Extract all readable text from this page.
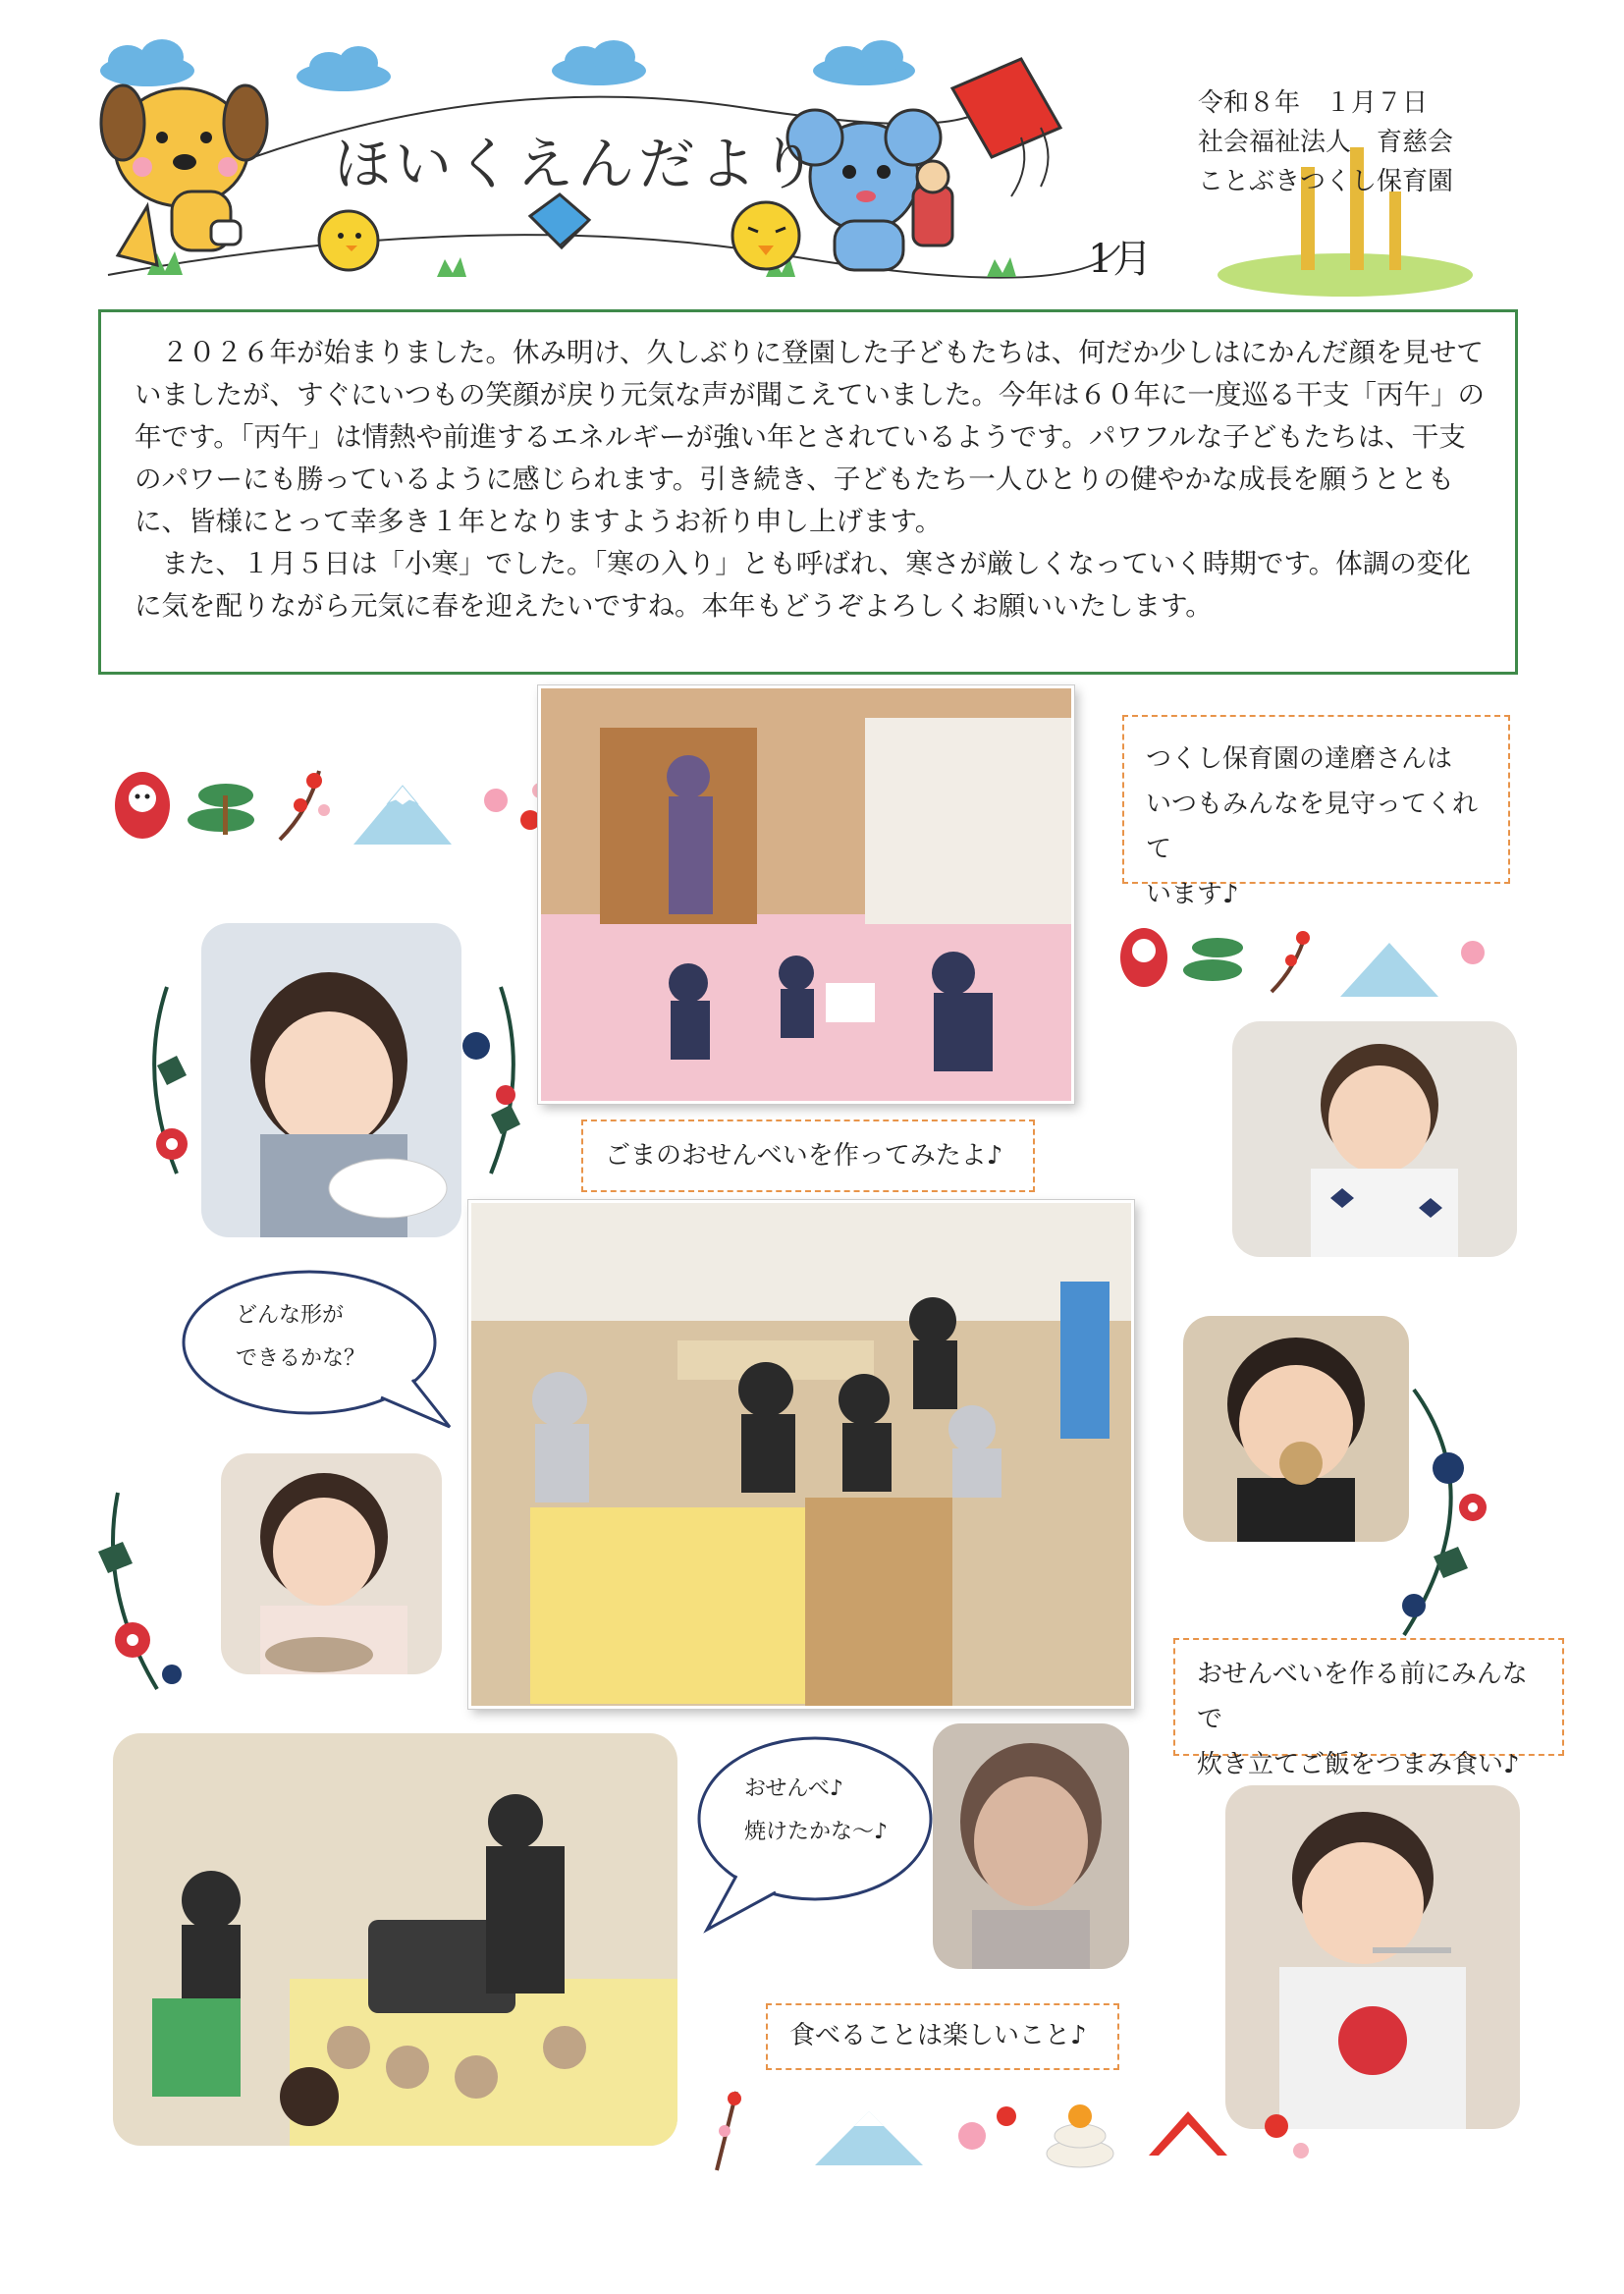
ほいくえんだより
1月
令和８年　１月７日
社会福祉法人　育慈会
ことぶきつくし保育園

　２０２６年が始まりました。休み明け、久しぶりに登園した子どもたちは、何だか少しはにかんだ顔を見せていましたが、すぐにいつもの笑顔が戻り元気な声が聞こえていました。今年は６０年に一度巡る干支「丙午」の年です。「丙午」は情熱や前進するエネルギーが強い年とされているようです。パワフルな子どもたちは、干支のパワーにも勝っているように感じられます。引き続き、子どもたち一人ひとりの健やかな成長を願うとともに、皆様にとって幸多き１年となりますようお祈り申し上げます。

　また、１月５日は「小寒」でした。「寒の入り」とも呼ばれ、寒さが厳しくなっていく時期です。体調の変化に気を配りながら元気に春を迎えたいですね。本年もどうぞよろしくお願いいたします。

つくし保育園の達磨さんは
いつもみんなを見守ってくれて
います♪
ごまのおせんべいを作ってみたよ♪
どんな形が
できるかな？
おせんべいを作る前にみんなで
炊き立てご飯をつまみ食い♪
おせんべ♪
焼けたかな～♪
食べることは楽しいこと♪
